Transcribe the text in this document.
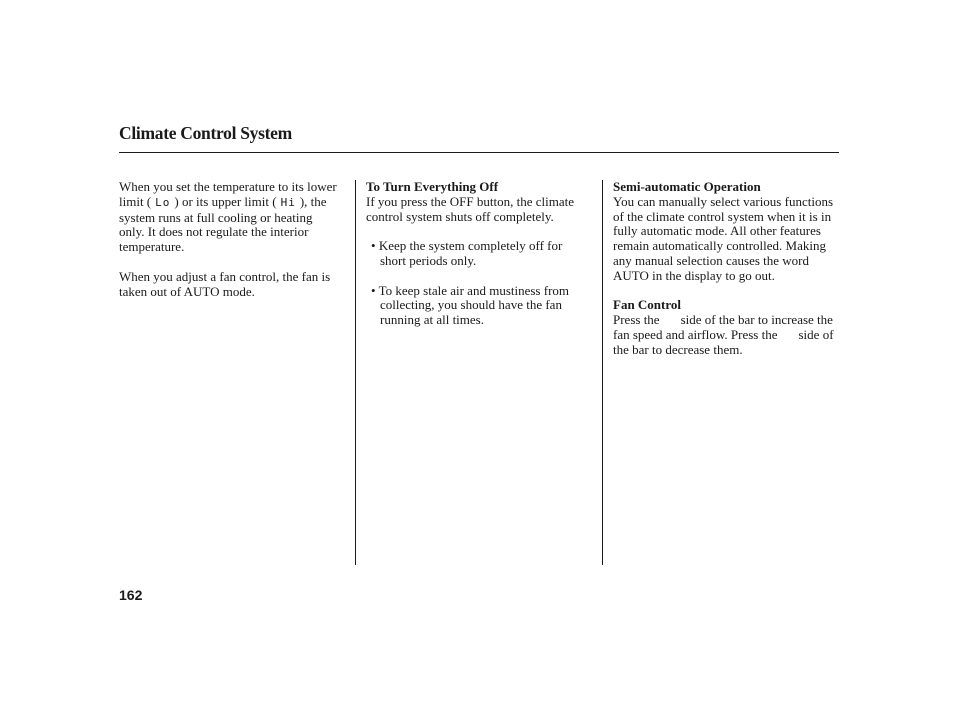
Climate Control System

When you set the temperature to its lower limit ( Lo ) or its upper limit ( Hi ), the system runs at full cooling or heating only. It does not regulate the interior temperature.

When you adjust a fan control, the fan is taken out of AUTO mode.

To Turn Everything Off

If you press the OFF button, the climate control system shuts off completely.

• Keep the system completely off for short periods only.

• To keep stale air and mustiness from collecting, you should have the fan running at all times.

Semi-automatic Operation

You can manually select various functions of the climate control system when it is in fully automatic mode. All other features remain automatically controlled. Making any manual selection causes the word AUTO in the display to go out.

Fan Control

Press the side of the bar to increase the fan speed and airflow. Press the side of the bar to decrease them.

162
